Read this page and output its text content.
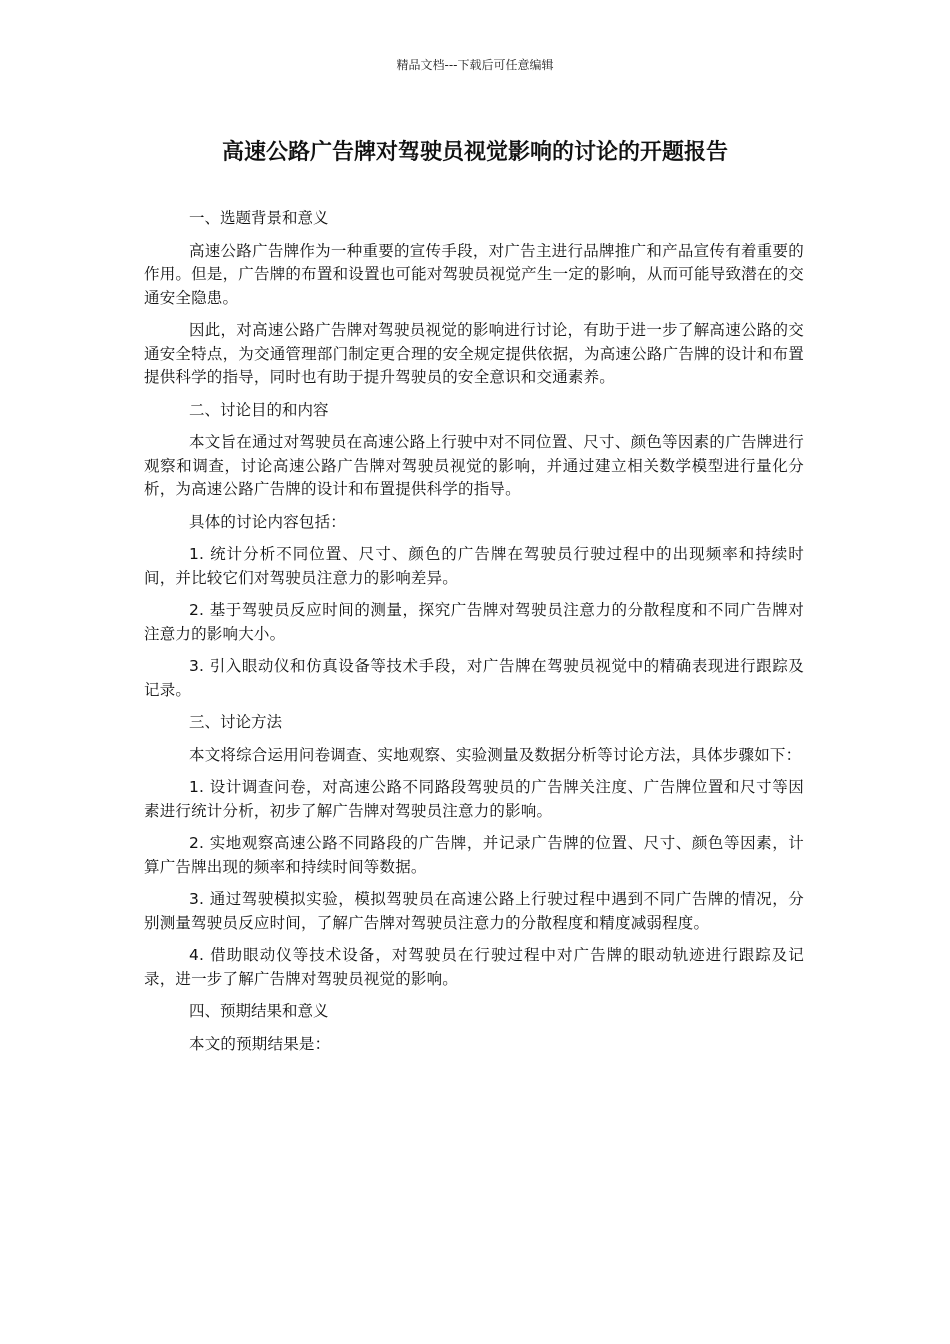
精品文档---下载后可任意编辑
高速公路广告牌对驾驶员视觉影响的讨论的开题报告

一、选题背景和意义

高速公路广告牌作为一种重要的宣传手段，对广告主进行品牌推广和产品宣传有着重要的作用。但是，广告牌的布置和设置也可能对驾驶员视觉产生一定的影响，从而可能导致潜在的交通安全隐患。

因此，对高速公路广告牌对驾驶员视觉的影响进行讨论，有助于进一步了解高速公路的交通安全特点，为交通管理部门制定更合理的安全规定提供依据，为高速公路广告牌的设计和布置提供科学的指导，同时也有助于提升驾驶员的安全意识和交通素养。

二、讨论目的和内容

本文旨在通过对驾驶员在高速公路上行驶中对不同位置、尺寸、颜色等因素的广告牌进行观察和调查，讨论高速公路广告牌对驾驶员视觉的影响，并通过建立相关数学模型进行量化分析，为高速公路广告牌的设计和布置提供科学的指导。

具体的讨论内容包括：

1. 统计分析不同位置、尺寸、颜色的广告牌在驾驶员行驶过程中的出现频率和持续时间，并比较它们对驾驶员注意力的影响差异。

2. 基于驾驶员反应时间的测量，探究广告牌对驾驶员注意力的分散程度和不同广告牌对注意力的影响大小。

3. 引入眼动仪和仿真设备等技术手段，对广告牌在驾驶员视觉中的精确表现进行跟踪及记录。

三、讨论方法

本文将综合运用问卷调查、实地观察、实验测量及数据分析等讨论方法，具体步骤如下：

1. 设计调查问卷，对高速公路不同路段驾驶员的广告牌关注度、广告牌位置和尺寸等因素进行统计分析，初步了解广告牌对驾驶员注意力的影响。

2. 实地观察高速公路不同路段的广告牌，并记录广告牌的位置、尺寸、颜色等因素，计算广告牌出现的频率和持续时间等数据。

3. 通过驾驶模拟实验，模拟驾驶员在高速公路上行驶过程中遇到不同广告牌的情况，分别测量驾驶员反应时间，了解广告牌对驾驶员注意力的分散程度和精度减弱程度。

4. 借助眼动仪等技术设备，对驾驶员在行驶过程中对广告牌的眼动轨迹进行跟踪及记录，进一步了解广告牌对驾驶员视觉的影响。

四、预期结果和意义

本文的预期结果是：
